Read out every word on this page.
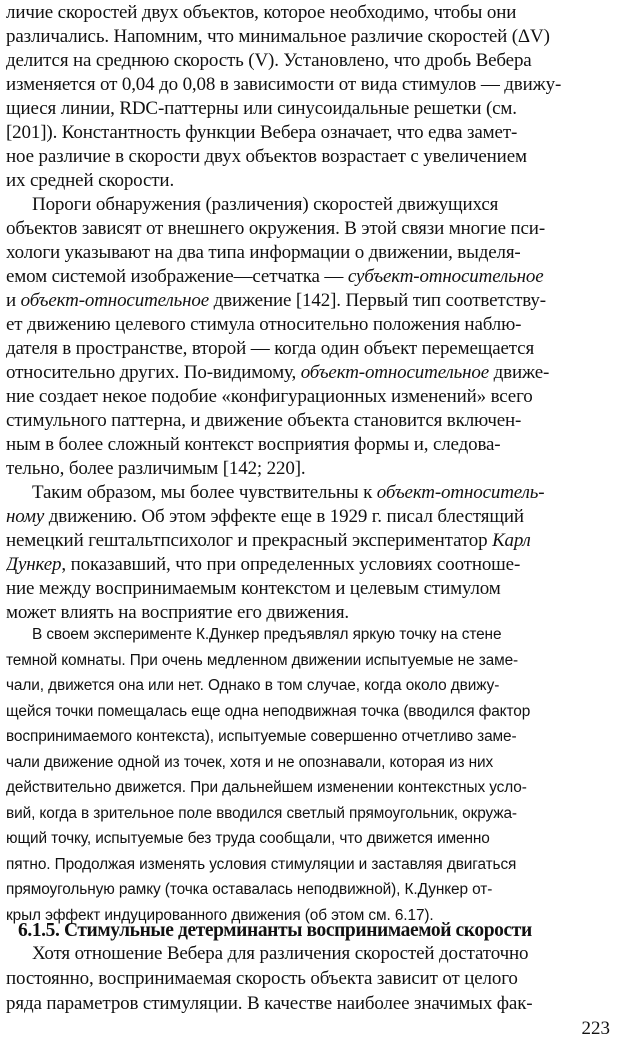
личие скоростей двух объектов, которое необходимо, чтобы они
различались. Напомним, что минимальное различие скоростей (ΔV)
делится на среднюю скорость (V). Установлено, что дробь Вебера
изменяется от 0,04 до 0,08 в зависимости от вида стимулов — движу-
щиеся линии, RDC-паттерны или синусоидальные решетки (см.
[201]). Константность функции Вебера означает, что едва замет-
ное различие в скорости двух объектов возрастает с увеличением
их средней скорости.
Пороги обнаружения (различения) скоростей движущихся
объектов зависят от внешнего окружения. В этой связи многие пси-
хологи указывают на два типа информации о движении, выделя-
емом системой изображение—сетчатка — субъект-относительное
и объект-относительное движение [142]. Первый тип соответству-
ет движению целевого стимула относительно положения наблю-
дателя в пространстве, второй — когда один объект перемещается
относительно других. По-видимому, объект-относительное движе-
ние создает некое подобие «конфигурационных изменений» всего
стимульного паттерна, и движение объекта становится включен-
ным в более сложный контекст восприятия формы и, следова-
тельно, более различимым [142; 220].
Таким образом, мы более чувствительны к объект-относитель-
ному движению. Об этом эффекте еще в 1929 г. писал блестящий
немецкий гештальтпсихолог и прекрасный экспериментатор Карл
Дункер, показавший, что при определенных условиях соотноше-
ние между воспринимаемым контекстом и целевым стимулом
может влиять на восприятие его движения.
В своем эксперименте К.Дункер предъявлял яркую точку на стене
темной комнаты. При очень медленном движении испытуемые не заме-
чали, движется она или нет. Однако в том случае, когда около движу-
щейся точки помещалась еще одна неподвижная точка (вводился фактор
воспринимаемого контекста), испытуемые совершенно отчетливо заме-
чали движение одной из точек, хотя и не опознавали, которая из них
действительно движется. При дальнейшем изменении контекстных усло-
вий, когда в зрительное поле вводился светлый прямоугольник, окружа-
ющий точку, испытуемые без труда сообщали, что движется именно
пятно. Продолжая изменять условия стимуляции и заставляя двигаться
прямоугольную рамку (точка оставалась неподвижной), К.Дункер от-
крыл эффект индуцированного движения (об этом см. 6.17).
6.1.5. Стимульные детерминанты воспринимаемой скорости
Хотя отношение Вебера для различения скоростей достаточно
постоянно, воспринимаемая скорость объекта зависит от целого
ряда параметров стимуляции. В качестве наиболее значимых фак-
223
